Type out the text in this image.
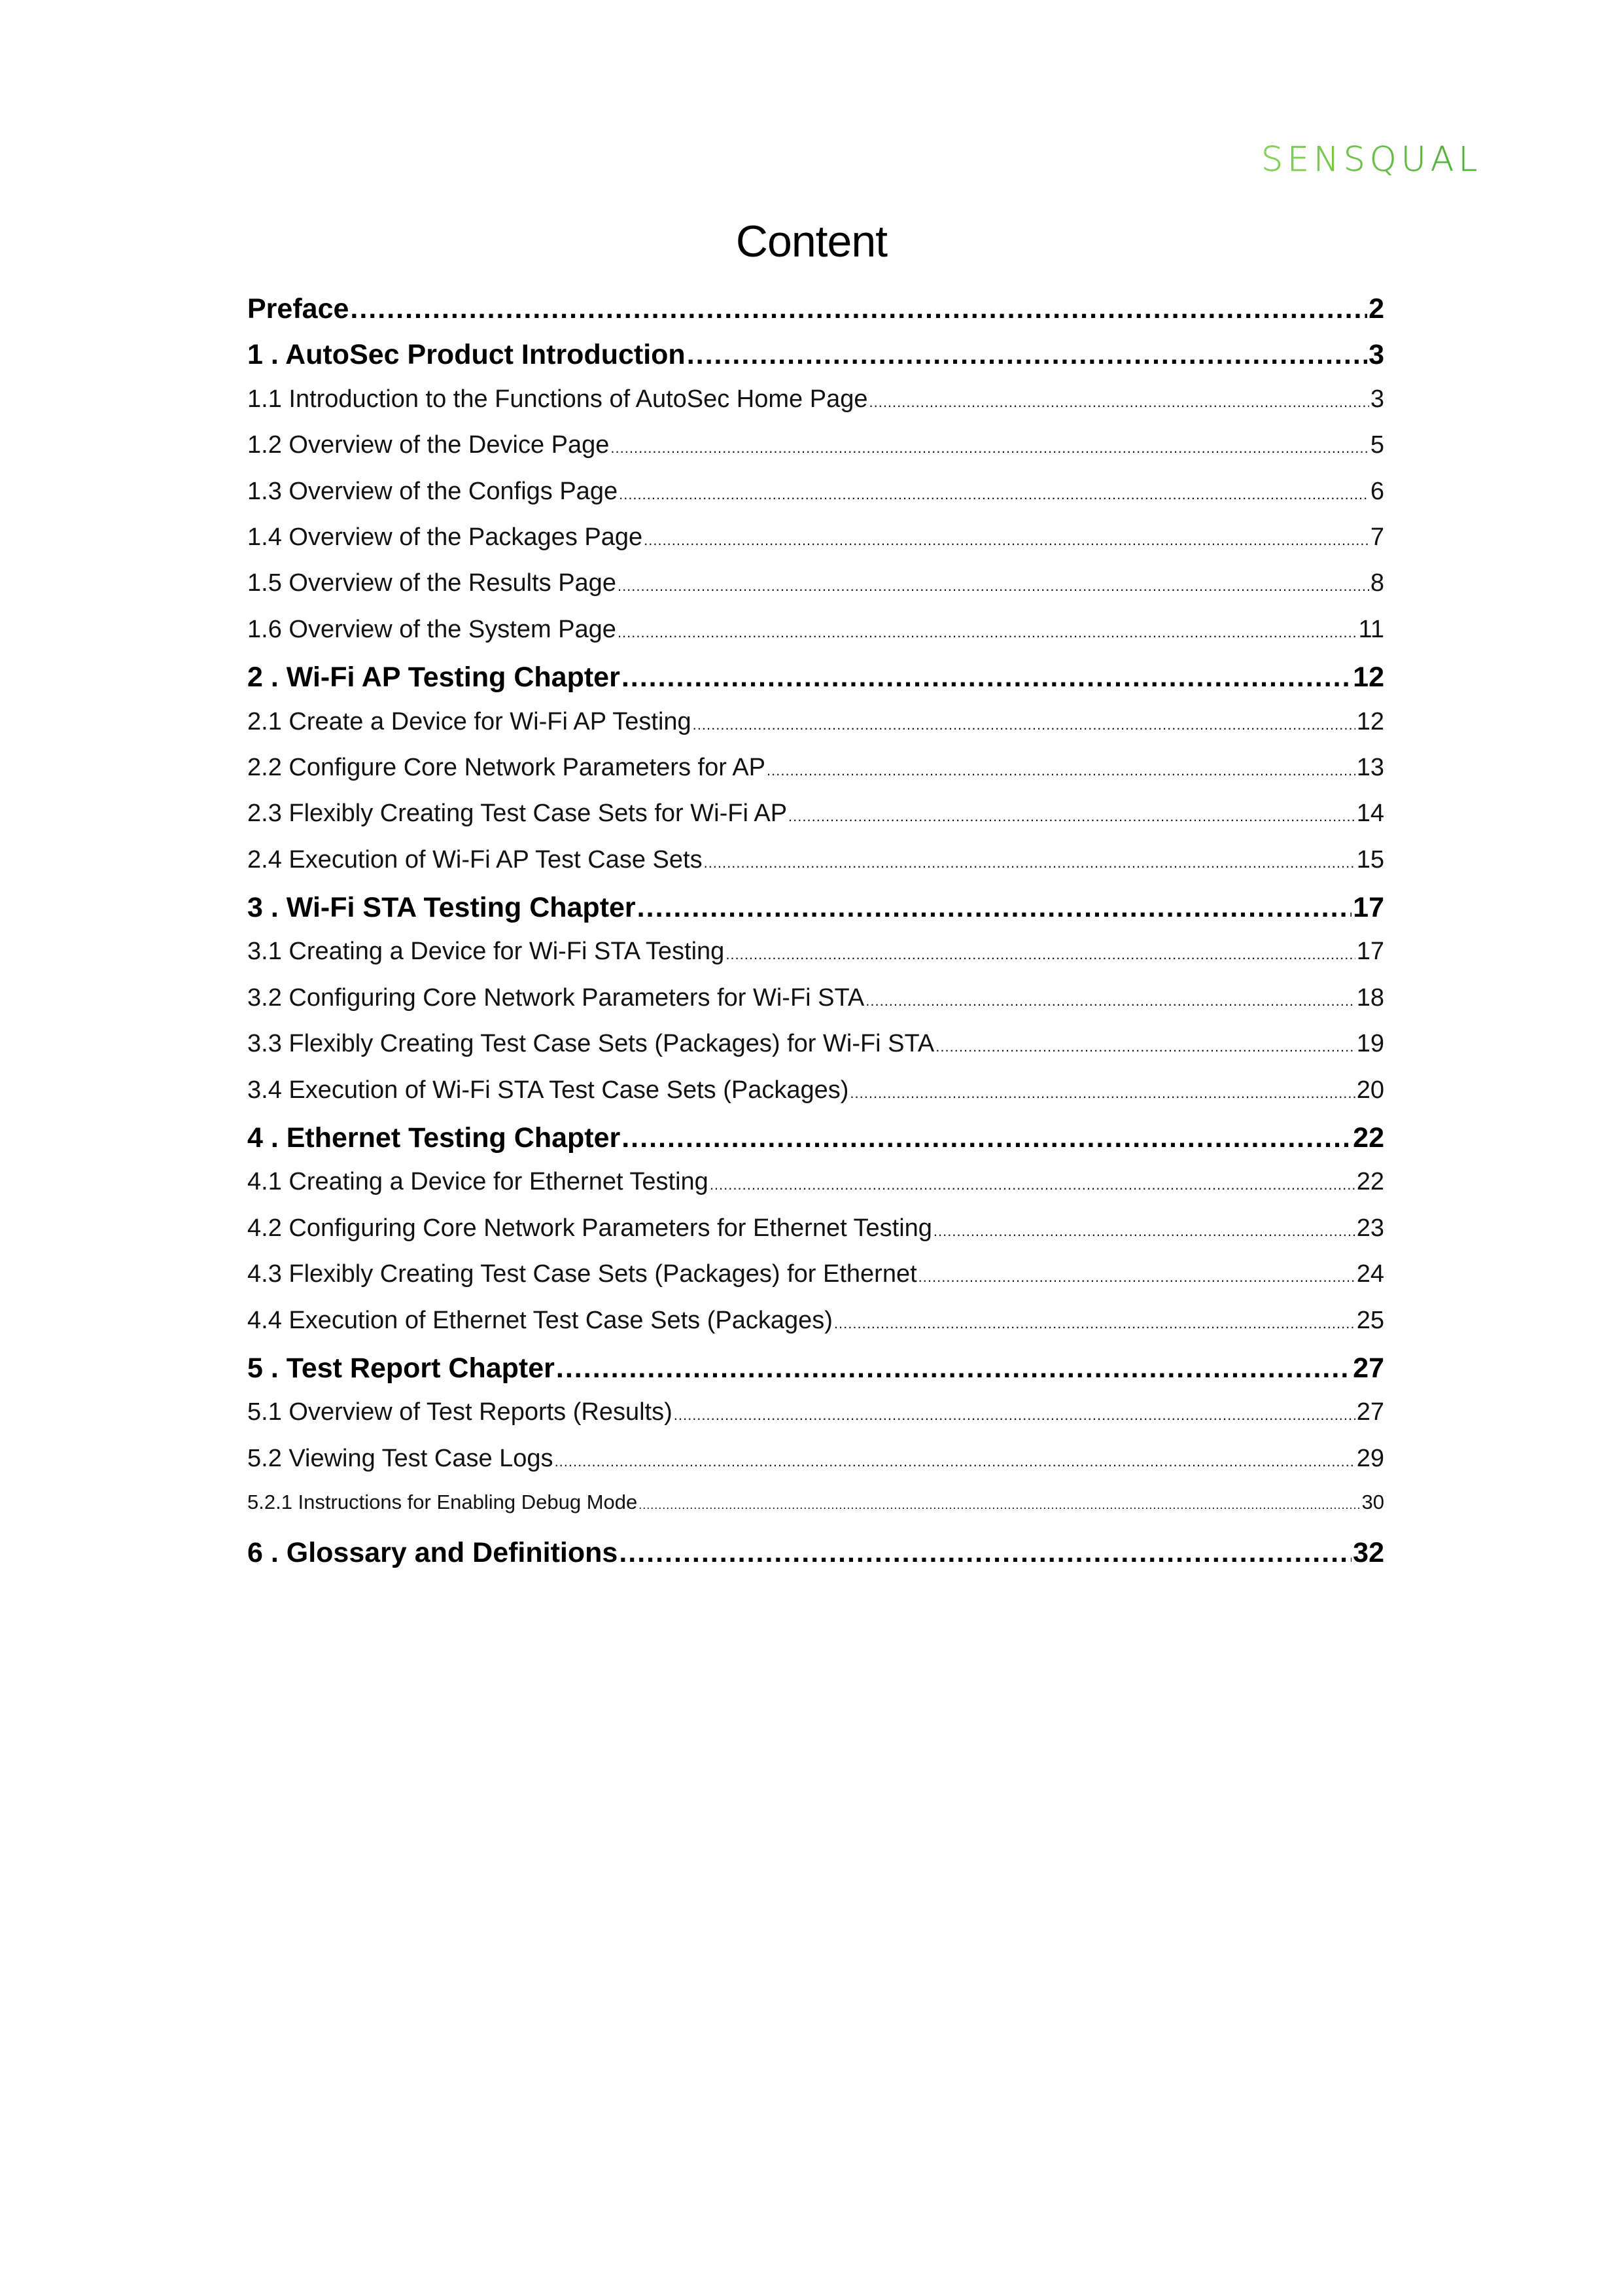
SENSQUAL
Content
Preface .....	2
1 . AutoSec Product Introduction .....	3
1.1 Introduction to the Functions of AutoSec Home Page .....	3
1.2 Overview of the Device Page .....	5
1.3 Overview of the Configs Page .....	6
1.4 Overview of the Packages Page .....	7
1.5 Overview of the Results Page .....	8
1.6 Overview of the System Page .....	11
2 . Wi-Fi AP Testing Chapter .....	12
2.1 Create a Device for Wi-Fi AP Testing .....	12
2.2 Configure Core Network Parameters for AP .....	13
2.3 Flexibly Creating Test Case Sets for Wi-Fi AP .....	14
2.4 Execution of Wi-Fi AP Test Case Sets .....	15
3 . Wi-Fi STA Testing Chapter .....	17
3.1 Creating a Device for Wi-Fi STA Testing .....	17
3.2 Configuring Core Network Parameters for Wi-Fi STA .....	18
3.3 Flexibly Creating Test Case Sets (Packages) for Wi-Fi STA .....	19
3.4 Execution of Wi-Fi STA Test Case Sets (Packages) .....	20
4 . Ethernet Testing Chapter .....	22
4.1 Creating a Device for Ethernet Testing .....	22
4.2 Configuring Core Network Parameters for Ethernet Testing .....	23
4.3 Flexibly Creating Test Case Sets (Packages) for Ethernet .....	24
4.4 Execution of Ethernet Test Case Sets (Packages) .....	25
5 . Test Report Chapter .....	27
5.1 Overview of Test Reports (Results) .....	27
5.2 Viewing Test Case Logs .....	29
5.2.1 Instructions for Enabling Debug Mode .....	30
6 . Glossary and Definitions .....	32
